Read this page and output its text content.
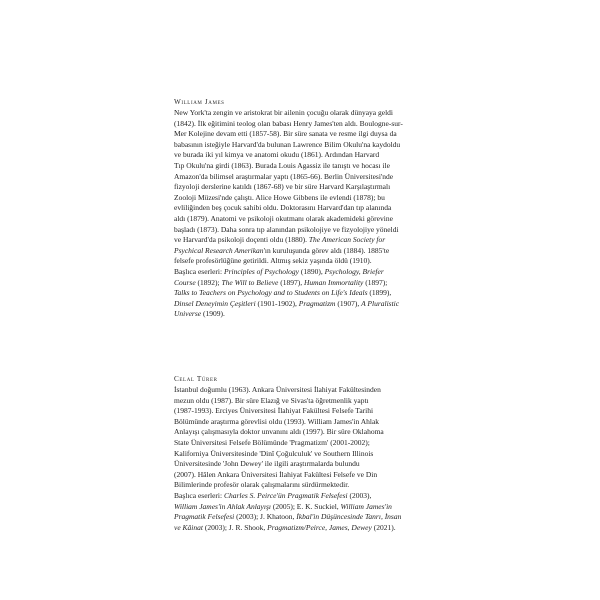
William James

New York'ta zengin ve aristokrat bir ailenin çocuğu olarak dünyaya geldi
(1842). İlk eğitimini teolog olan babası Henry James'ten aldı. Boulogne-sur-
Mer Kolejine devam etti (1857-58). Bir süre sanata ve resme ilgi duysa da
babasının isteğiyle Harvard'da bulunan Lawrence Bilim Okulu'na kaydoldu
ve burada iki yıl kimya ve anatomi okudu (1861). Ardından Harvard
Tıp Okulu'na girdi (1863). Burada Louis Agassiz ile tanıştı ve hocası ile
Amazon'da bilimsel araştırmalar yaptı (1865-66). Berlin Üniversitesi'nde
fizyoloji derslerine katıldı (1867-68) ve bir süre Harvard Karşılaştırmalı
Zooloji Müzesi'nde çalıştı. Alice Howe Gibbens ile evlendi (1878); bu
evliliğinden beş çocuk sahibi oldu. Doktorasını Harvard'dan tıp alanında
aldı (1879). Anatomi ve psikoloji okutmanı olarak akademideki görevine
başladı (1873). Daha sonra tıp alanından psikolojiye ve fizyolojiye yöneldi
ve Harvard'da psikoloji doçenti oldu (1880). The American Society for
Psychical Research Amerikan'ın kuruluşunda görev aldı (1884). 1885'te
felsefe profesörlüğüne getirildi. Altmış sekiz yaşında öldü (1910).
Başlıca eserleri: Principles of Psychology (1890), Psychology, Briefer
Course (1892); The Will to Believe (1897), Human Immortality (1897);
Talks to Teachers on Psychology and to Students on Life's Ideals (1899),
Dinsel Deneyimin Çeşitleri (1901-1902), Pragmatizm (1907), A Pluralistic
Universe (1909).

Celal Türer

İstanbul doğumlu (1963). Ankara Üniversitesi İlahiyat Fakültesinden
mezun oldu (1987). Bir süre Elazığ ve Sivas'ta öğretmenlik yaptı
(1987-1993). Erciyes Üniversitesi İlahiyat Fakültesi Felsefe Tarihi
Bölümünde araştırma görevlisi oldu (1993). William James'in Ahlak
Anlayışı çalışmasıyla doktor unvanını aldı (1997). Bir süre Oklahoma
State Üniversitesi Felsefe Bölümünde 'Pragmatizm' (2001-2002);
Kaliforniya Üniversitesinde 'Dinî Çoğulculuk' ve Southern Illinois
Üniversitesinde 'John Dewey' ile ilgili araştırmalarda bulundu
(2007). Hâlen Ankara Üniversitesi İlahiyat Fakültesi Felsefe ve Din
Bilimlerinde profesör olarak çalışmalarını sürdürmektedir.
Başlıca eserleri: Charles S. Peirce'ün Pragmatik Felsefesi (2003),
William James'in Ahlak Anlayışı (2005); E. K. Suckiel, William James'in
Pragmatik Felsefesi (2003); J. Khatoon, İkbal'in Düşüncesinde Tanrı, İnsan
ve Kâinat (2003); J. R. Shook, Pragmatizm/Peirce, James, Dewey (2021).
